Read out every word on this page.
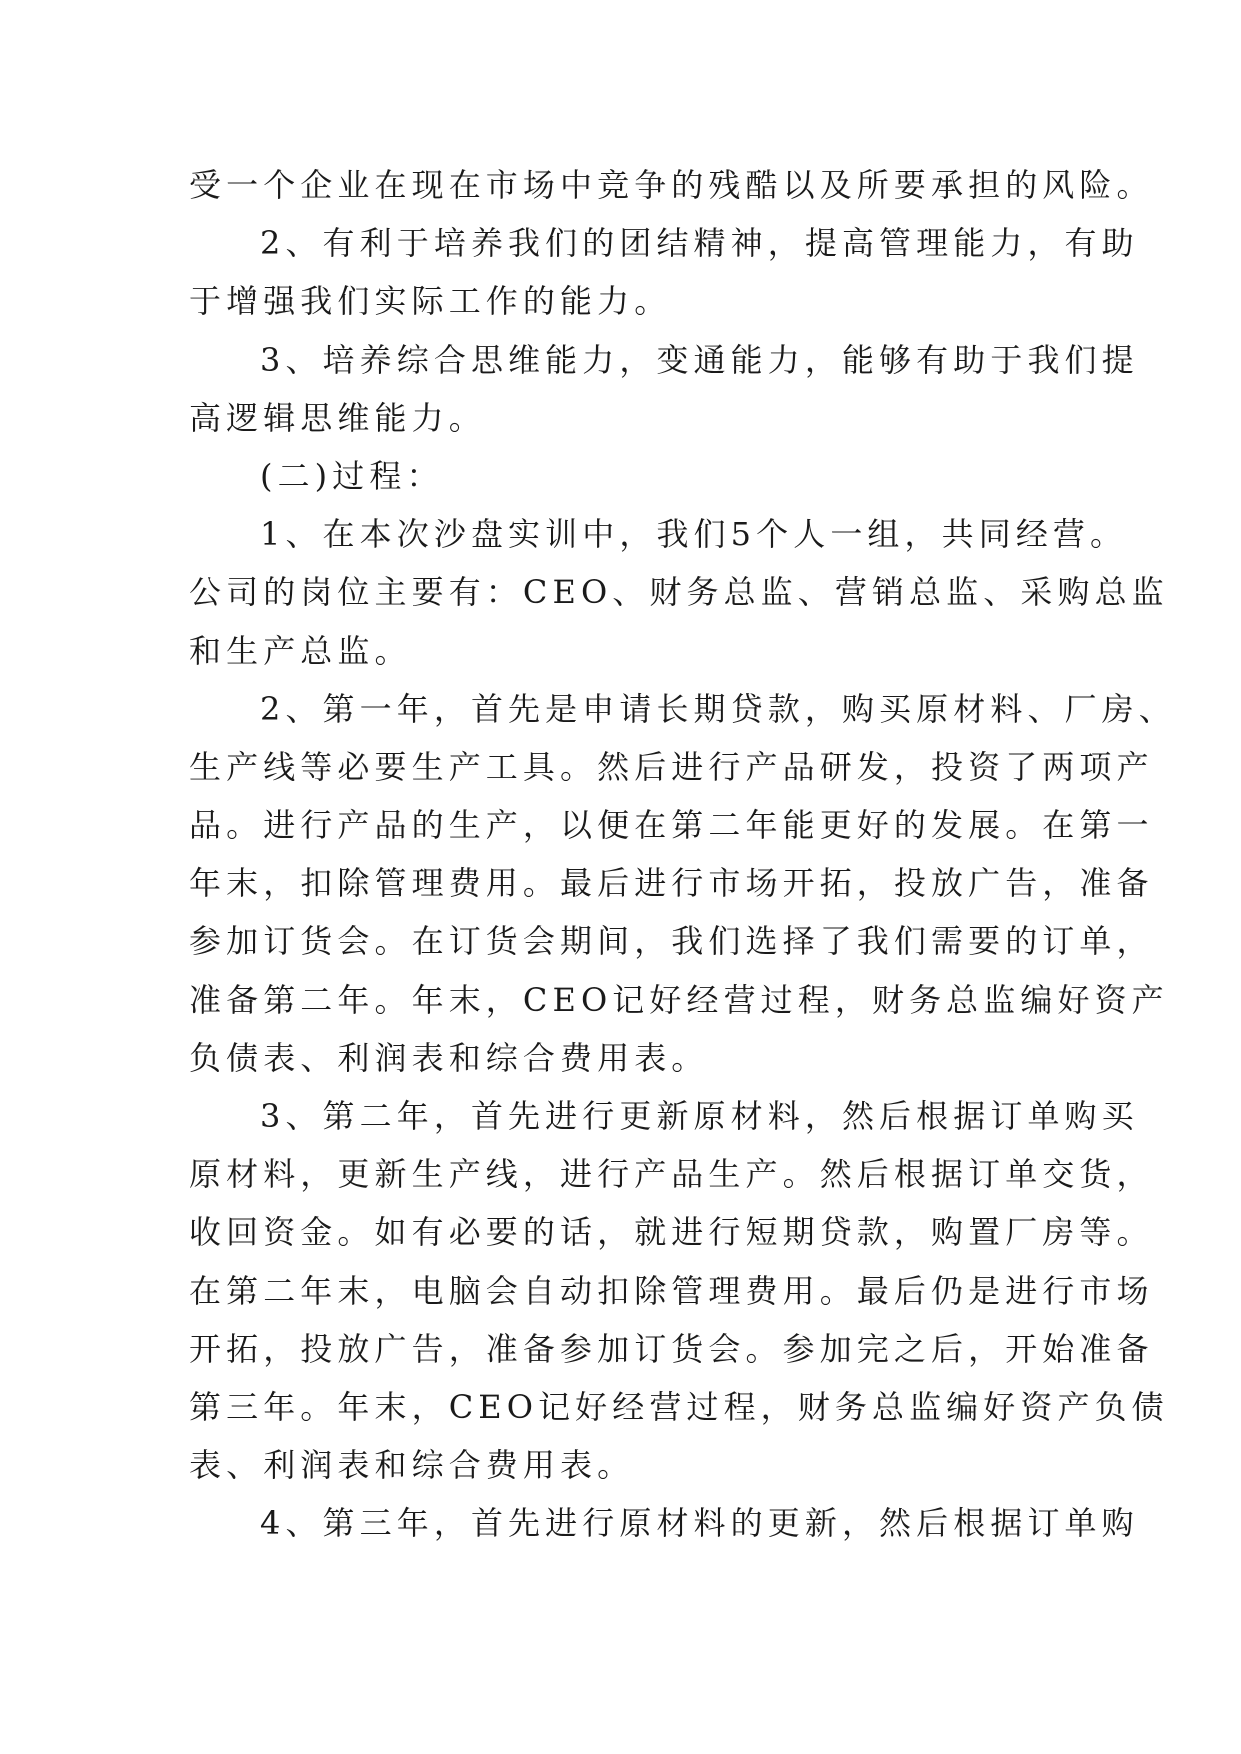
受一个企业在现在市场中竞争的残酷以及所要承担的风险。
2、有利于培养我们的团结精神，提高管理能力，有助
于增强我们实际工作的能力。
3、培养综合思维能力，变通能力，能够有助于我们提
高逻辑思维能力。
(二)过程：
1、在本次沙盘实训中，我们5个人一组，共同经营。
公司的岗位主要有：CEO、财务总监、营销总监、采购总监
和生产总监。
2、第一年，首先是申请长期贷款，购买原材料、厂房、
生产线等必要生产工具。然后进行产品研发，投资了两项产
品。进行产品的生产，以便在第二年能更好的发展。在第一
年末，扣除管理费用。最后进行市场开拓，投放广告，准备
参加订货会。在订货会期间，我们选择了我们需要的订单，
准备第二年。年末，CEO记好经营过程，财务总监编好资产
负债表、利润表和综合费用表。
3、第二年，首先进行更新原材料，然后根据订单购买
原材料，更新生产线，进行产品生产。然后根据订单交货，
收回资金。如有必要的话，就进行短期贷款，购置厂房等。
在第二年末，电脑会自动扣除管理费用。最后仍是进行市场
开拓，投放广告，准备参加订货会。参加完之后，开始准备
第三年。年末，CEO记好经营过程，财务总监编好资产负债
表、利润表和综合费用表。
4、第三年，首先进行原材料的更新，然后根据订单购
